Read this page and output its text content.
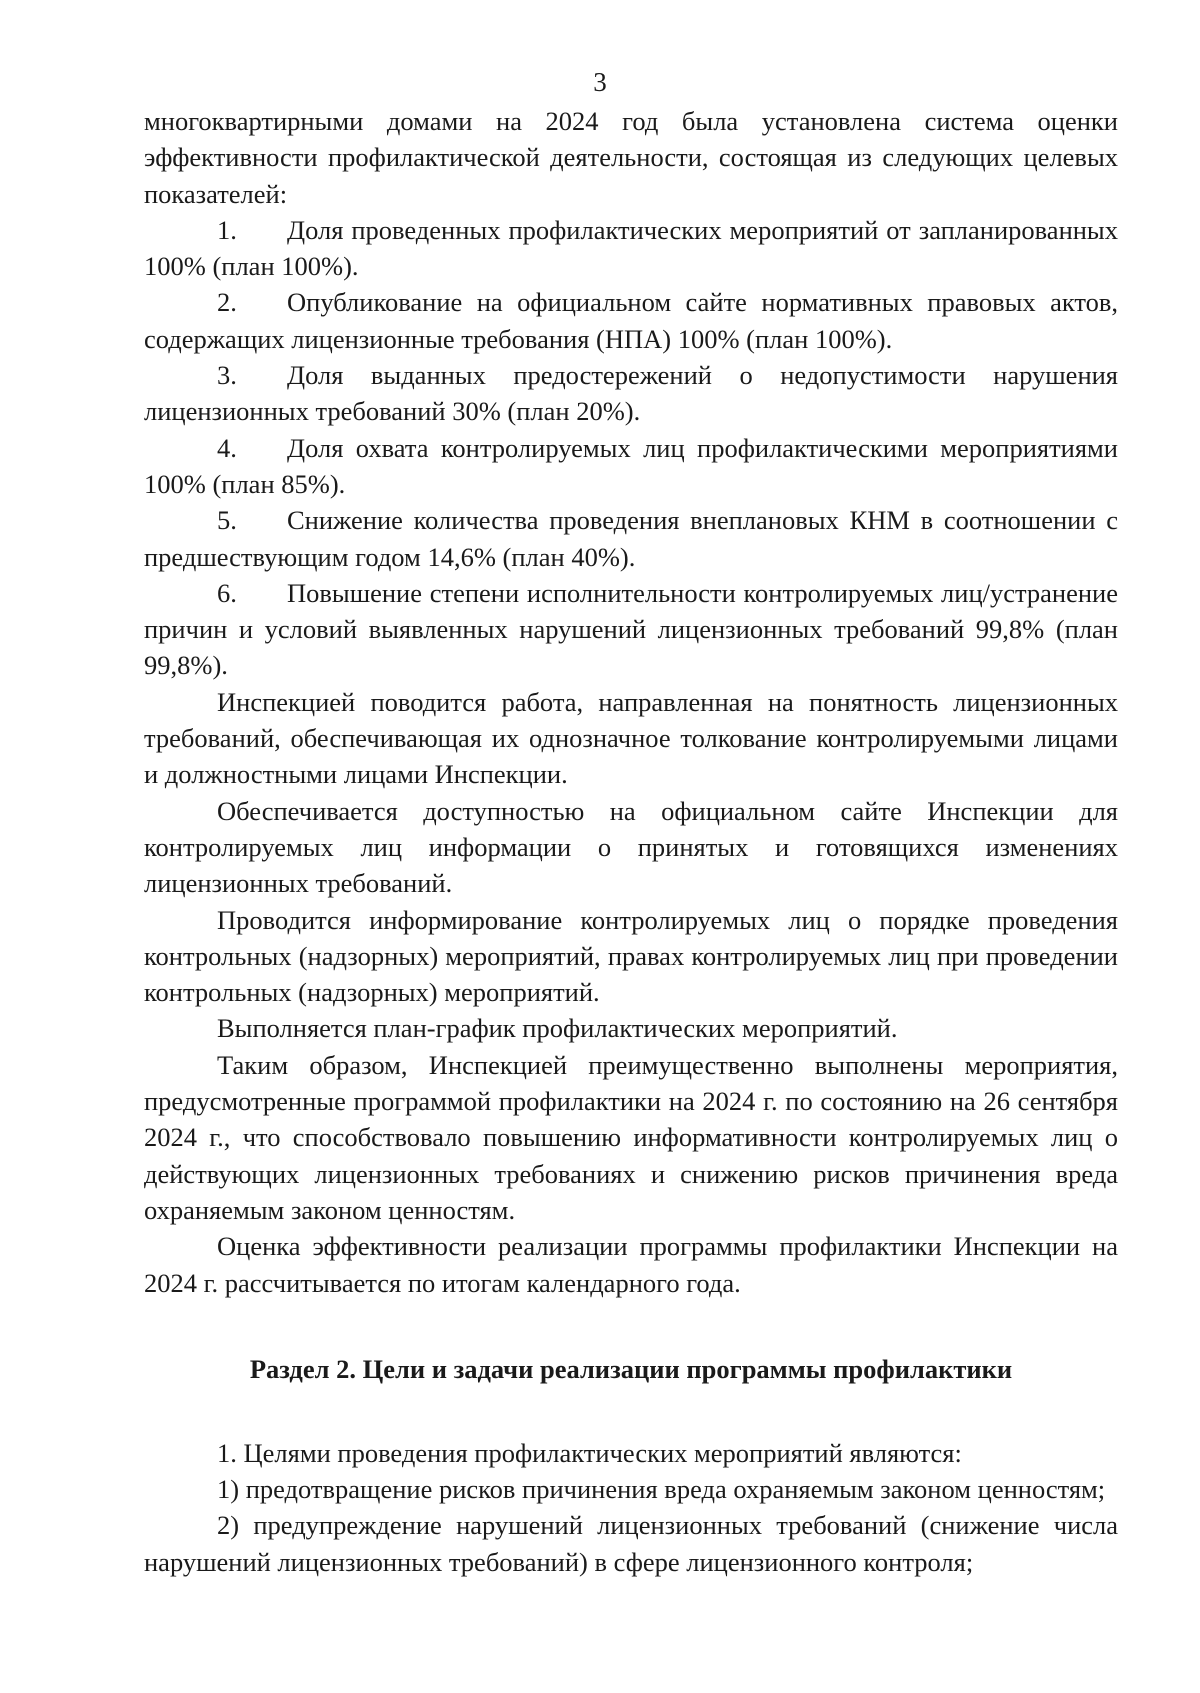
3

многоквартирными домами на 2024 год была установлена система оценки эффективности профилактической деятельности, состоящая из следующих целевых показателей:

1. Доля проведенных профилактических мероприятий от запланированных 100% (план 100%).

2. Опубликование на официальном сайте нормативных правовых актов, содержащих лицензионные требования (НПА) 100% (план 100%).

3. Доля выданных предостережений о недопустимости нарушения лицензионных требований 30% (план 20%).

4. Доля охвата контролируемых лиц профилактическими мероприятиями 100% (план 85%).

5. Снижение количества проведения внеплановых КНМ в соотношении с предшествующим годом 14,6% (план 40%).

6. Повышение степени исполнительности контролируемых лиц/устранение причин и условий выявленных нарушений лицензионных требований 99,8% (план 99,8%).

Инспекцией поводится работа, направленная на понятность лицензионных требований, обеспечивающая их однозначное толкование контролируемыми лицами и должностными лицами Инспекции.

Обеспечивается доступностью на официальном сайте Инспекции для контролируемых лиц информации о принятых и готовящихся изменениях лицензионных требований.

Проводится информирование контролируемых лиц о порядке проведения контрольных (надзорных) мероприятий, правах контролируемых лиц при проведении контрольных (надзорных) мероприятий.

Выполняется план-график профилактических мероприятий.

Таким образом, Инспекцией преимущественно выполнены мероприятия, предусмотренные программой профилактики на 2024 г. по состоянию на 26 сентября 2024 г., что способствовало повышению информативности контролируемых лиц о действующих лицензионных требованиях и снижению рисков причинения вреда охраняемым законом ценностям.

Оценка эффективности реализации программы профилактики Инспекции на 2024 г. рассчитывается по итогам календарного года.

Раздел 2. Цели и задачи реализации программы профилактики

1. Целями проведения профилактических мероприятий являются:

1) предотвращение рисков причинения вреда охраняемым законом ценностям;

2) предупреждение нарушений лицензионных требований (снижение числа нарушений лицензионных требований) в сфере лицензионного контроля;
